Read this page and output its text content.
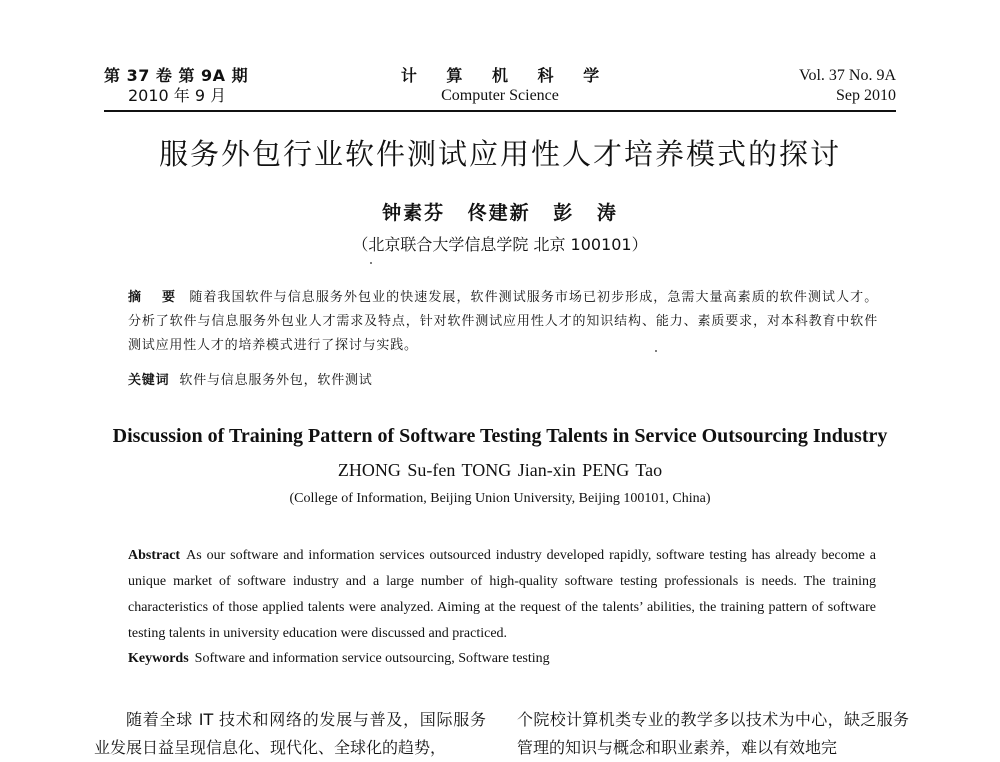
第 37 卷 第 9A 期
2010 年 9 月
计 算 机 科 学
Computer Science
Vol. 37 No. 9A
Sep 2010
服务外包行业软件测试应用性人才培养模式的探讨
钟素芬 佟建新 彭 涛
（北京联合大学信息学院 北京 100101）
摘 要 随着我国软件与信息服务外包业的快速发展，软件测试服务市场已初步形成，急需大量高素质的软件测试人才。分析了软件与信息服务外包业人才需求及特点，针对软件测试应用性人才的知识结构、能力、素质要求，对本科教育中软件测试应用性人才的培养模式进行了探讨与实践。
关键词 软件与信息服务外包，软件测试
Discussion of Training Pattern of Software Testing Talents in Service Outsourcing Industry
ZHONG Su-fen TONG Jian-xin PENG Tao
(College of Information, Beijing Union University, Beijing 100101, China)
Abstract As our software and information services outsourced industry developed rapidly, software testing has already become a unique market of software industry and a large number of high-quality software testing professionals is needs. The training characteristics of those applied talents were analyzed. Aiming at the request of the talents’ abilities, the training pattern of software testing talents in university education were discussed and practiced.
Keywords Software and information service outsourcing, Software testing

随着全球 IT 技术和网络的发展与普及，国际服务业发展日益呈现信息化、现代化、全球化的趋势，

个院校计算机类专业的教学多以技术为中心，缺乏服务管理的知识与概念和职业素养，难以有效地完
